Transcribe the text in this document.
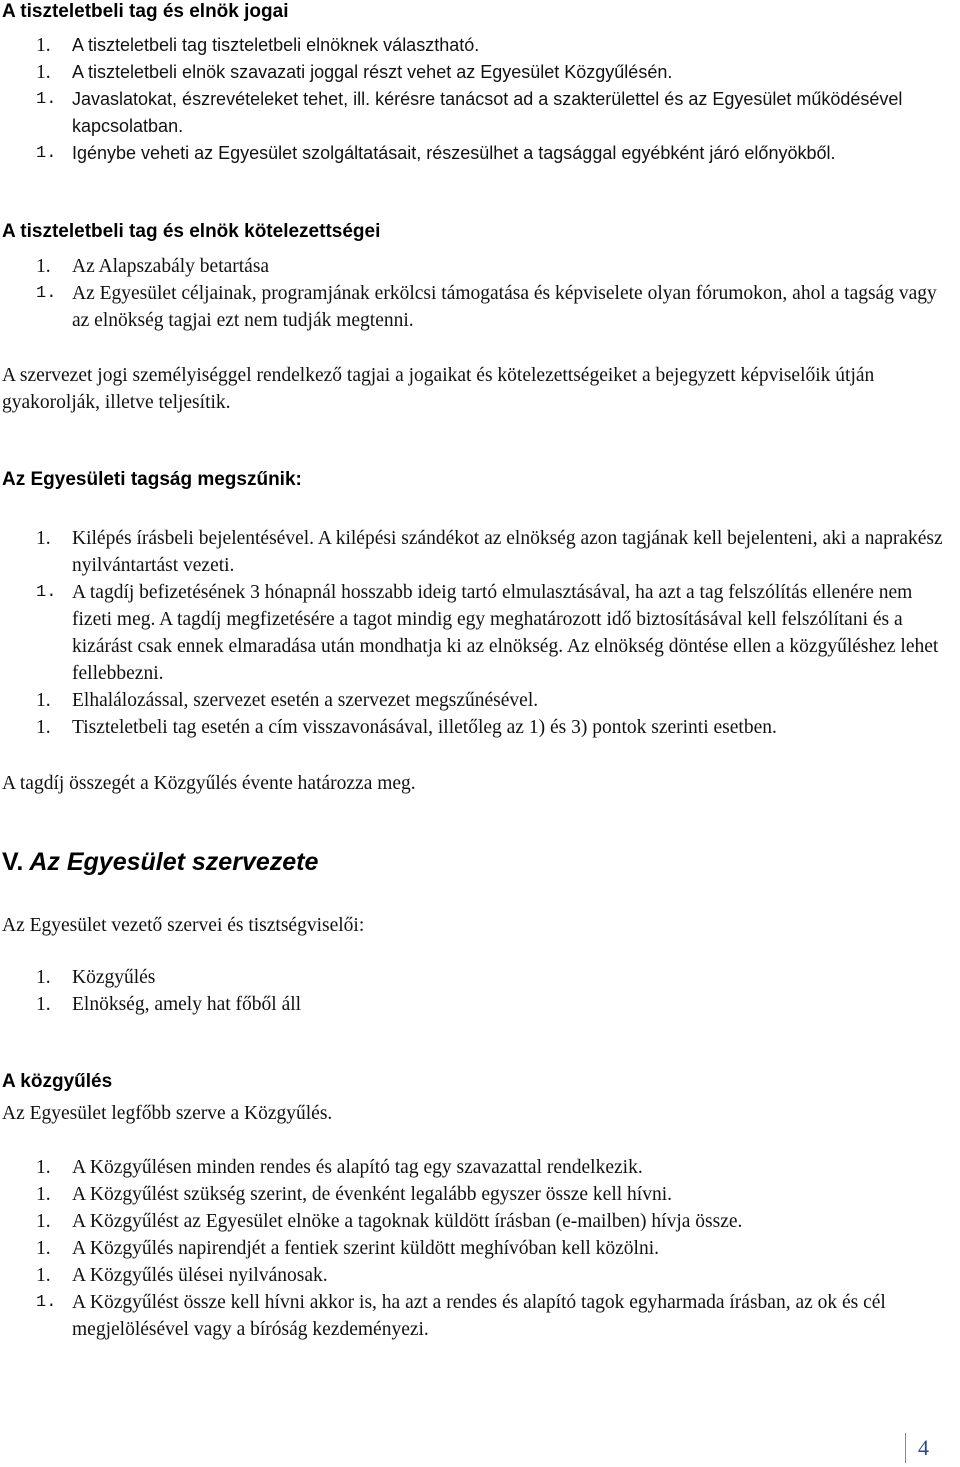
A tiszteletbeli tag és elnök jogai
1. A tiszteletbeli tag tiszteletbeli elnöknek választható.
1. A tiszteletbeli elnök szavazati joggal részt vehet az Egyesület Közgyűlésén.
1. Javaslatokat, észrevételeket tehet, ill. kérésre tanácsot ad a szakterülettel és az Egyesület működésével kapcsolatban.
1. Igénybe veheti az Egyesület szolgáltatásait, részesülhet a tagsággal egyébként járó előnyökből.
A tiszteletbeli tag és elnök kötelezettségei
1. Az Alapszabály betartása
1. Az Egyesület céljainak, programjának erkölcsi támogatása és képviselete olyan fórumokon, ahol a tagság vagy az elnökség tagjai ezt nem tudják megtenni.
A szervezet jogi személyiséggel rendelkező tagjai a jogaikat és kötelezettségeiket a bejegyzett képviselőik útján gyakorolják, illetve teljesítik.
Az Egyesületi tagság megszűnik:
1. Kilépés írásbeli bejelentésével. A kilépési szándékot az elnökség azon tagjának kell bejelenteni, aki a naprakész nyilvántartást vezeti.
1. A tagdíj befizetésének 3 hónapnál hosszabb ideig tartó elmulasztásával, ha azt a tag felszólítás ellenére nem fizeti meg. A tagdíj megfizetésére a tagot mindig egy meghatározott idő biztosításával kell felszólítani és a kizárást csak ennek elmaradása után mondhatja ki az elnökség. Az elnökség döntése ellen a közgyűléshez lehet fellebbezni.
1. Elhalálozással, szervezet esetén a szervezet megszűnésével.
1. Tiszteletbeli tag esetén a cím visszavonásával, illetőleg az 1) és 3) pontok szerinti esetben.
A tagdíj összegét a Közgyűlés évente határozza meg.
V. Az Egyesület szervezete
Az Egyesület vezető szervei és tisztségviselői:
1. Közgyűlés
1. Elnökség, amely hat főből áll
A közgyűlés
Az Egyesület legfőbb szerve a Közgyűlés.
1. A Közgyűlésen minden rendes és alapító tag egy szavazattal rendelkezik.
1. A Közgyűlést szükség szerint, de évenként legalább egyszer össze kell hívni.
1. A Közgyűlést az Egyesület elnöke a tagoknak küldött írásban (e-mailben) hívja össze.
1. A Közgyűlés napirendjét a fentiek szerint küldött meghívóban kell közölni.
1. A Közgyűlés ülései nyilvánosak.
1. A Közgyűlést össze kell hívni akkor is, ha azt a rendes és alapító tagok egyharmada írásban, az ok és cél megjelölésével vagy a bíróság kezdeményezi.
4
